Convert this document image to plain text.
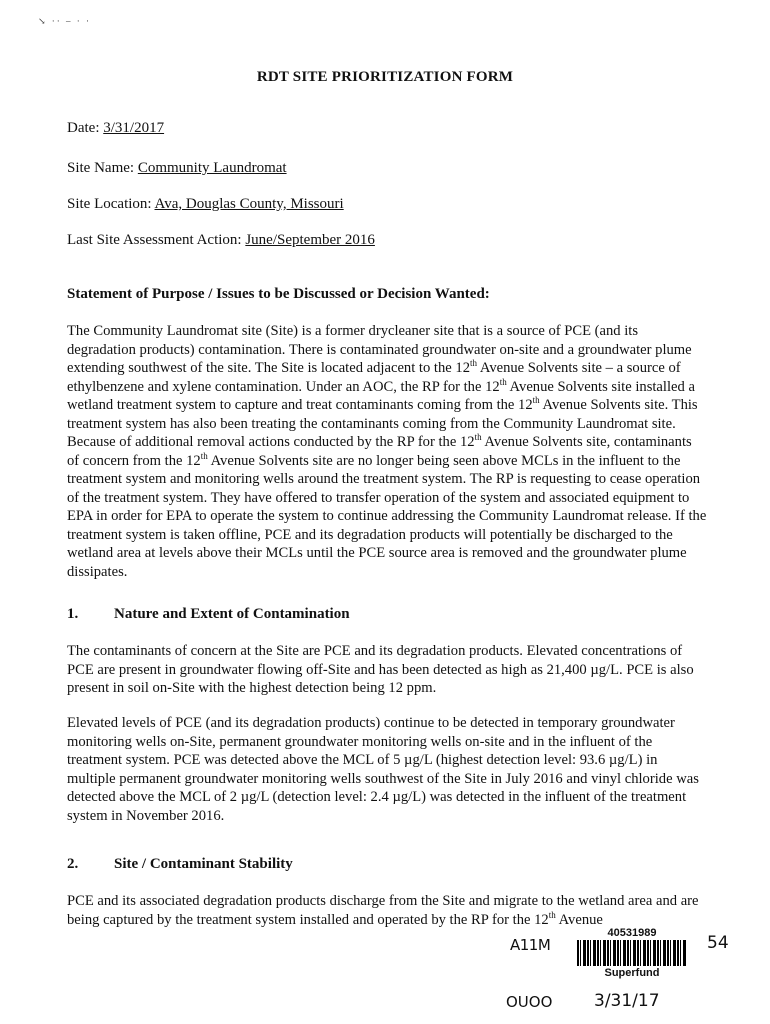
↘ ·· ‒ · ·
RDT SITE PRIORITIZATION FORM
Date: 3/31/2017
Site Name: Community Laundromat
Site Location: Ava, Douglas County, Missouri
Last Site Assessment Action: June/September 2016
Statement of Purpose / Issues to be Discussed or Decision Wanted:

The Community Laundromat site (Site) is a former drycleaner site that is a source of PCE (and its degradation products) contamination. There is contaminated groundwater on-site and a groundwater plume extending southwest of the site. The Site is located adjacent to the 12th Avenue Solvents site – a source of ethylbenzene and xylene contamination. Under an AOC, the RP for the 12th Avenue Solvents site installed a wetland treatment system to capture and treat contaminants coming from the 12th Avenue Solvents site. This treatment system has also been treating the contaminants coming from the Community Laundromat site. Because of additional removal actions conducted by the RP for the 12th Avenue Solvents site, contaminants of concern from the 12th Avenue Solvents site are no longer being seen above MCLs in the influent to the treatment system and monitoring wells around the treatment system. The RP is requesting to cease operation of the treatment system. They have offered to transfer operation of the system and associated equipment to EPA in order for EPA to operate the system to continue addressing the Community Laundromat release. If the treatment system is taken offline, PCE and its degradation products will potentially be discharged to the wetland area at levels above their MCLs until the PCE source area is removed and the groundwater plume dissipates.

1. Nature and Extent of Contamination

The contaminants of concern at the Site are PCE and its degradation products. Elevated concentrations of PCE are present in groundwater flowing off-Site and has been detected as high as 21,400 µg/L. PCE is also present in soil on-Site with the highest detection being 12 ppm.

Elevated levels of PCE (and its degradation products) continue to be detected in temporary groundwater monitoring wells on-Site, permanent groundwater monitoring wells on-site and in the influent of the treatment system. PCE was detected above the MCL of 5 µg/L (highest detection level: 93.6 µg/L) in multiple permanent groundwater monitoring wells southwest of the Site in July 2016 and vinyl chloride was detected above the MCL of 2 µg/L (detection level: 2.4 µg/L) was detected in the influent of the treatment system in November 2016.

2. Site / Contaminant Stability

PCE and its associated degradation products discharge from the Site and migrate to the wetland area and are being captured by the treatment system installed and operated by the RP for the 12th Avenue

A11M
40531989
Superfund
54
OUOO 3/31/17
